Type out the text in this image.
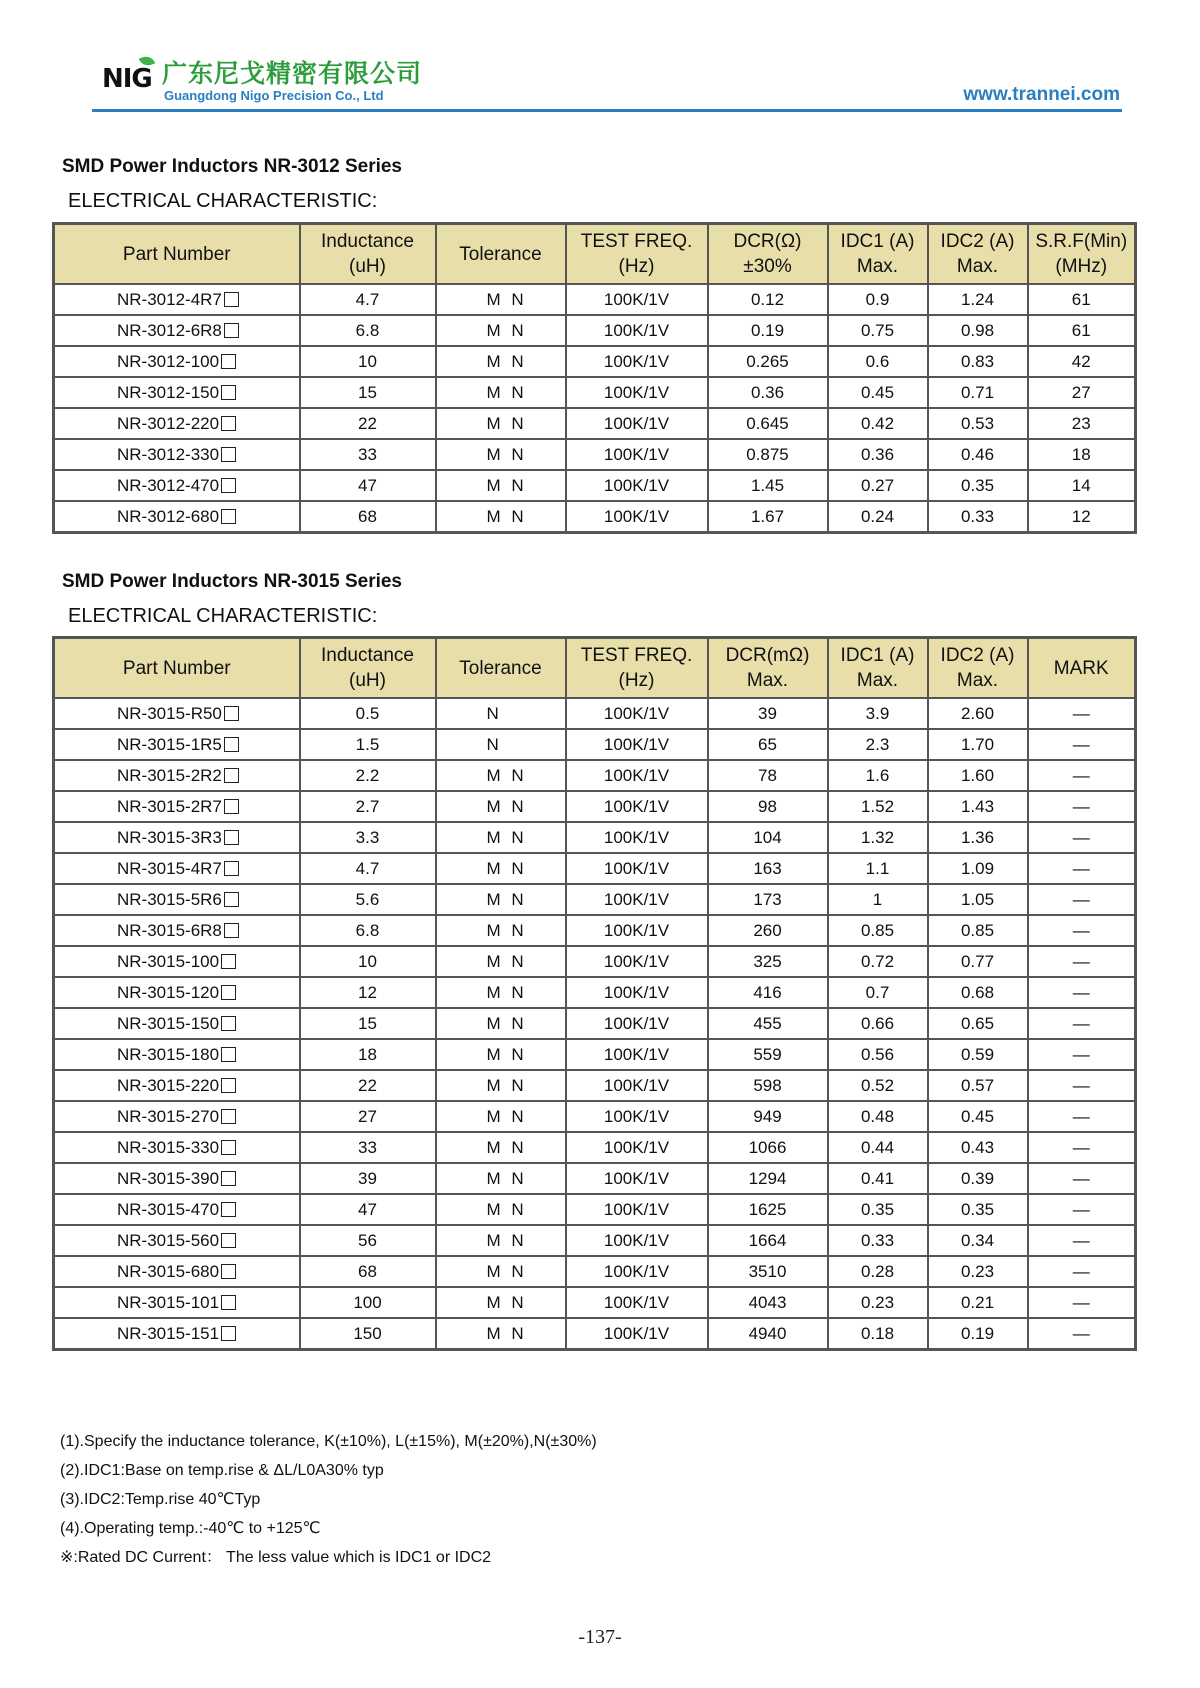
NIG 广东尼戈精密有限公司
Guangdong Nigo Precision Co., Ltd	www.trannei.com
SMD Power Inductors NR-3012 Series
ELECTRICAL CHARACTERISTIC:
Part Number	Inductance (uH)	Tolerance	TEST FREQ.(Hz)	DCR(Ω) ±30%	IDC1 (A) Max.	IDC2 (A) Max.	S.R.F(Min) (MHz)
NR-3012-4R7	4.7	M N	100K/1V	0.12	0.9	1.24	61
NR-3012-6R8	6.8	M N	100K/1V	0.19	0.75	0.98	61
NR-3012-100	10	M N	100K/1V	0.265	0.6	0.83	42
NR-3012-150	15	M N	100K/1V	0.36	0.45	0.71	27
NR-3012-220	22	M N	100K/1V	0.645	0.42	0.53	23
NR-3012-330	33	M N	100K/1V	0.875	0.36	0.46	18
NR-3012-470	47	M N	100K/1V	1.45	0.27	0.35	14
NR-3012-680	68	M N	100K/1V	1.67	0.24	0.33	12
SMD Power Inductors NR-3015 Series
ELECTRICAL CHARACTERISTIC:
Part Number	Inductance (uH)	Tolerance	TEST FREQ.(Hz)	DCR(mΩ) Max.	IDC1 (A) Max.	IDC2 (A) Max.	MARK
NR-3015-R50	0.5	N	100K/1V	39	3.9	2.60	—
NR-3015-1R5	1.5	N	100K/1V	65	2.3	1.70	—
NR-3015-2R2	2.2	M N	100K/1V	78	1.6	1.60	—
NR-3015-2R7	2.7	M N	100K/1V	98	1.52	1.43	—
NR-3015-3R3	3.3	M N	100K/1V	104	1.32	1.36	—
NR-3015-4R7	4.7	M N	100K/1V	163	1.1	1.09	—
NR-3015-5R6	5.6	M N	100K/1V	173	1	1.05	—
NR-3015-6R8	6.8	M N	100K/1V	260	0.85	0.85	—
NR-3015-100	10	M N	100K/1V	325	0.72	0.77	—
NR-3015-120	12	M N	100K/1V	416	0.7	0.68	—
NR-3015-150	15	M N	100K/1V	455	0.66	0.65	—
NR-3015-180	18	M N	100K/1V	559	0.56	0.59	—
NR-3015-220	22	M N	100K/1V	598	0.52	0.57	—
NR-3015-270	27	M N	100K/1V	949	0.48	0.45	—
NR-3015-330	33	M N	100K/1V	1066	0.44	0.43	—
NR-3015-390	39	M N	100K/1V	1294	0.41	0.39	—
NR-3015-470	47	M N	100K/1V	1625	0.35	0.35	—
NR-3015-560	56	M N	100K/1V	1664	0.33	0.34	—
NR-3015-680	68	M N	100K/1V	3510	0.28	0.23	—
NR-3015-101	100	M N	100K/1V	4043	0.23	0.21	—
NR-3015-151	150	M N	100K/1V	4940	0.18	0.19	—
(1).Specify the inductance tolerance, K(±10%), L(±15%), M(±20%),N(±30%)
(2).IDC1:Base on temp.rise & ΔL/L0A30% typ
(3).IDC2:Temp.rise 40℃Typ
(4).Operating temp.:-40℃ to +125℃
※:Rated DC Current： The less value which is IDC1 or IDC2
-137-
